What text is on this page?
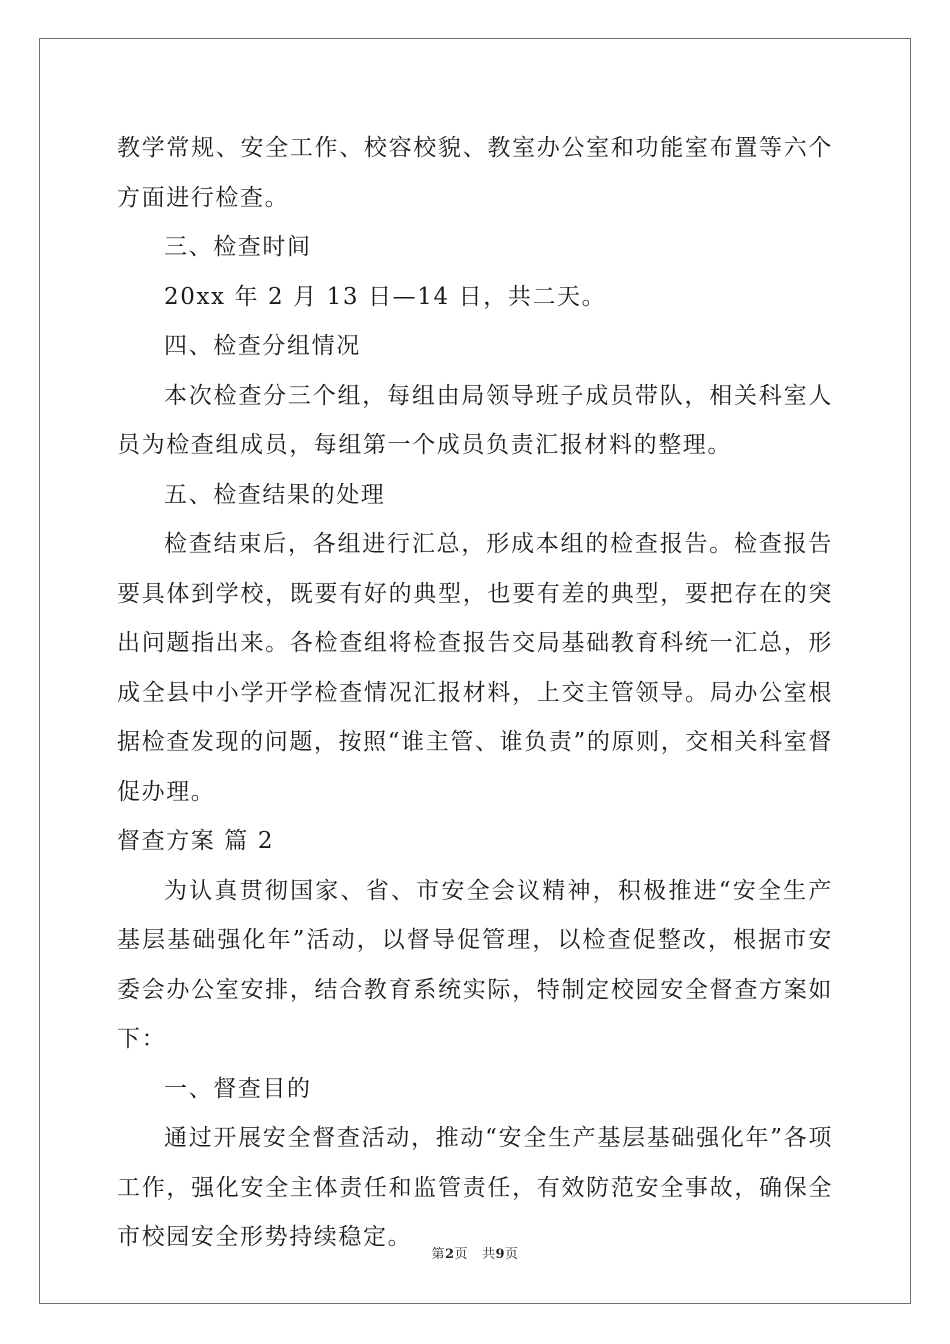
教学常规、安全工作、校容校貌、教室办公室和功能室布置等六个方面进行检查。

三、检查时间

20xx 年 2 月 13 日—14 日，共二天。

四、检查分组情况

本次检查分三个组，每组由局领导班子成员带队，相关科室人员为检查组成员，每组第一个成员负责汇报材料的整理。

五、检查结果的处理

检查结束后，各组进行汇总，形成本组的检查报告。检查报告要具体到学校，既要有好的典型，也要有差的典型，要把存在的突出问题指出来。各检查组将检查报告交局基础教育科统一汇总，形成全县中小学开学检查情况汇报材料，上交主管领导。局办公室根据检查发现的问题，按照“谁主管、谁负责”的原则，交相关科室督促办理。

督查方案 篇 2

为认真贯彻国家、省、市安全会议精神，积极推进“安全生产基层基础强化年”活动，以督导促管理，以检查促整改，根据市安委会办公室安排，结合教育系统实际，特制定校园安全督查方案如下：

一、督查目的

通过开展安全督查活动，推动“安全生产基层基础强化年”各项工作，强化安全主体责任和监管责任，有效防范安全事故，确保全市校园安全形势持续稳定。

第2页 共9页
